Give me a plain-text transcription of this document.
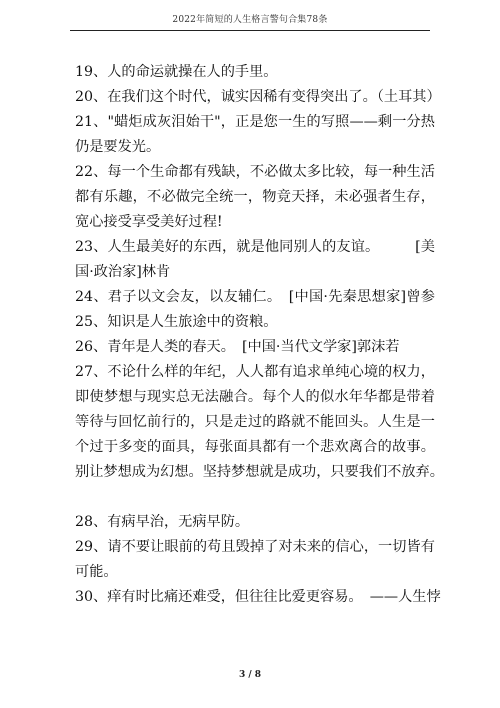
2022年简短的人生格言警句合集78条
19、人的命运就操在人的手里。
20、在我们这个时代，诚实因稀有变得突出了。（土耳其）
21、"蜡炬成灰泪始干"，正是您一生的写照——剩一分热
仍是要发光。
22、每一个生命都有残缺，不必做太多比较，每一种生活
都有乐趣，不必做完全统一，物竞天择，未必强者生存，
宽心接受享受美好过程!
23、人生最美好的东西，就是他同别人的友谊。　　　[美
国·政治家]林肯
24、君子以文会友，以友辅仁。　[中国·先秦思想家]曾参
25、知识是人生旅途中的资粮。
26、青年是人类的春天。　[中国·当代文学家]郭沫若
27、不论什么样的年纪，人人都有追求单纯心境的权力，
即使梦想与现实总无法融合。每个人的似水年华都是带着
等待与回忆前行的，只是走过的路就不能回头。人生是一
个过于多变的面具，每张面具都有一个悲欢离合的故事。
别让梦想成为幻想。坚持梦想就是成功，只要我们不放弃。
28、有病早治，无病早防。
29、请不要让眼前的苟且毁掉了对未来的信心，一切皆有
可能。
30、痒有时比痛还难受，但往往比爱更容易。　——人生悖
3 / 8
